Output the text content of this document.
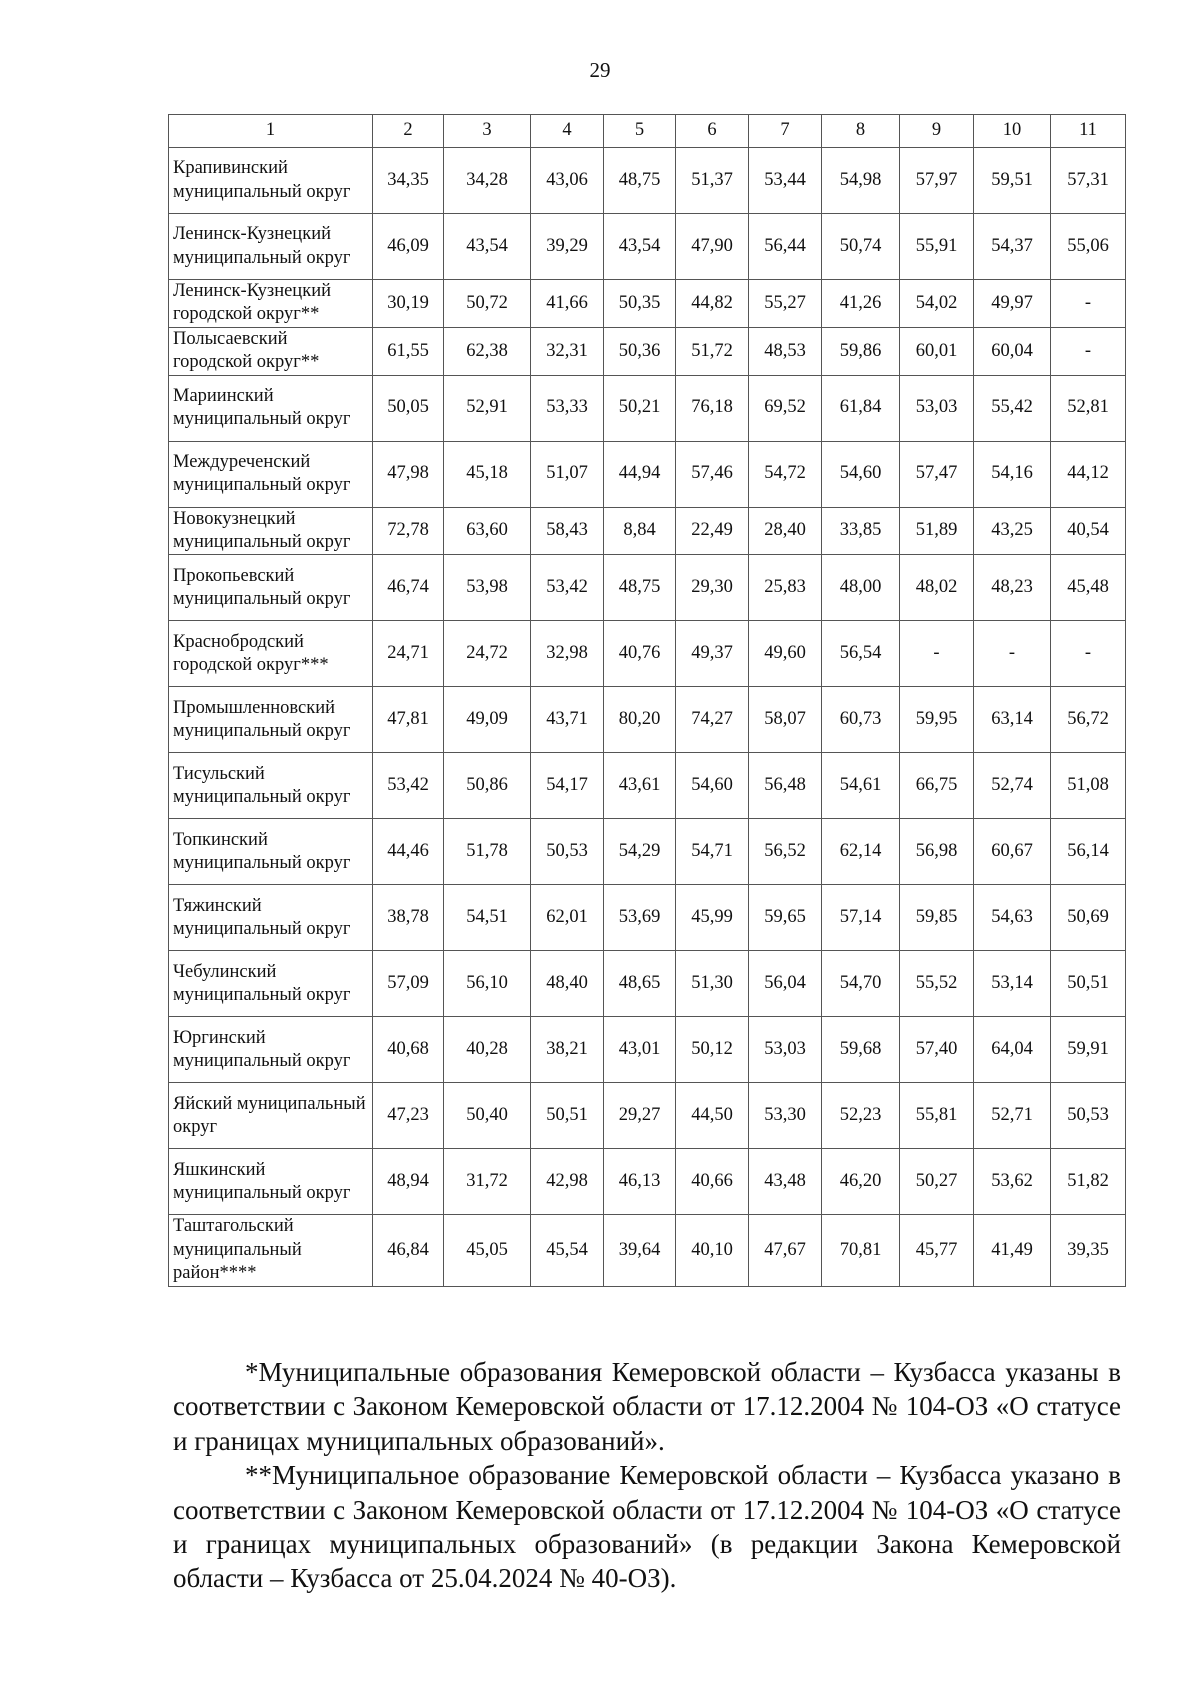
29
1	2	3	4	5	6	7	8	9	10	11
Крапивинский муниципальный округ	34,35	34,28	43,06	48,75	51,37	53,44	54,98	57,97	59,51	57,31
Ленинск-Кузнецкий муниципальный округ	46,09	43,54	39,29	43,54	47,90	56,44	50,74	55,91	54,37	55,06
Ленинск-Кузнецкий городской округ**	30,19	50,72	41,66	50,35	44,82	55,27	41,26	54,02	49,97	-
Полысаевский городской округ**	61,55	62,38	32,31	50,36	51,72	48,53	59,86	60,01	60,04	-
Мариинский муниципальный округ	50,05	52,91	53,33	50,21	76,18	69,52	61,84	53,03	55,42	52,81
Междуреченский муниципальный округ	47,98	45,18	51,07	44,94	57,46	54,72	54,60	57,47	54,16	44,12
Новокузнецкий муниципальный округ	72,78	63,60	58,43	8,84	22,49	28,40	33,85	51,89	43,25	40,54
Прокопьевский муниципальный округ	46,74	53,98	53,42	48,75	29,30	25,83	48,00	48,02	48,23	45,48
Краснобродский городской округ***	24,71	24,72	32,98	40,76	49,37	49,60	56,54	-	-	-
Промышленновский муниципальный округ	47,81	49,09	43,71	80,20	74,27	58,07	60,73	59,95	63,14	56,72
Тисульский муниципальный округ	53,42	50,86	54,17	43,61	54,60	56,48	54,61	66,75	52,74	51,08
Топкинский муниципальный округ	44,46	51,78	50,53	54,29	54,71	56,52	62,14	56,98	60,67	56,14
Тяжинский муниципальный округ	38,78	54,51	62,01	53,69	45,99	59,65	57,14	59,85	54,63	50,69
Чебулинский муниципальный округ	57,09	56,10	48,40	48,65	51,30	56,04	54,70	55,52	53,14	50,51
Юргинский муниципальный округ	40,68	40,28	38,21	43,01	50,12	53,03	59,68	57,40	64,04	59,91
Яйский муниципальный округ	47,23	50,40	50,51	29,27	44,50	53,30	52,23	55,81	52,71	50,53
Яшкинский муниципальный округ	48,94	31,72	42,98	46,13	40,66	43,48	46,20	50,27	53,62	51,82
Таштагольский муниципальный район****	46,84	45,05	45,54	39,64	40,10	47,67	70,81	45,77	41,49	39,35

*Муниципальные образования Кемеровской области – Кузбасса указаны в соответствии с Законом Кемеровской области от 17.12.2004 № 104-ОЗ «О статусе и границах муниципальных образований».

**Муниципальное образование Кемеровской области – Кузбасса указано в соответствии с Законом Кемеровской области от 17.12.2004 № 104-ОЗ «О статусе и границах муниципальных образований» (в редакции Закона Кемеровской области – Кузбасса от 25.04.2024 № 40-ОЗ).
